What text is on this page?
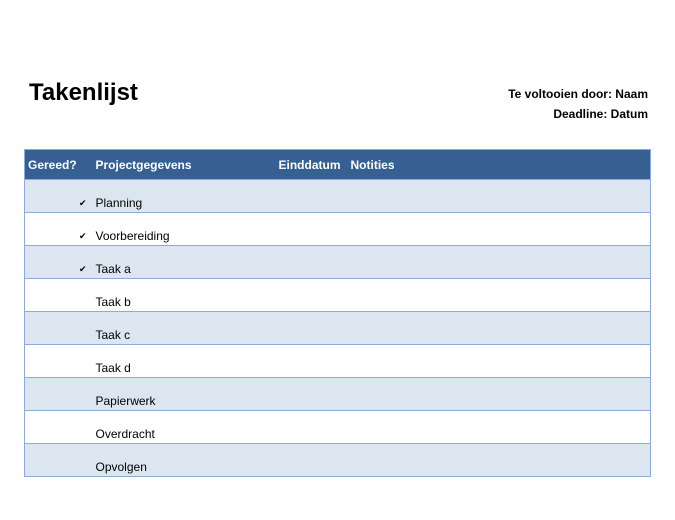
Takenlijst	Te voltooien door: Naam
Deadline: Datum
Gereed?	Projectgegevens	Einddatum	Notities
✔	Planning		
✔	Voorbereiding		
✔	Taak a		
	Taak b		
	Taak c		
	Taak d		
	Papierwerk		
	Overdracht		
	Opvolgen		
